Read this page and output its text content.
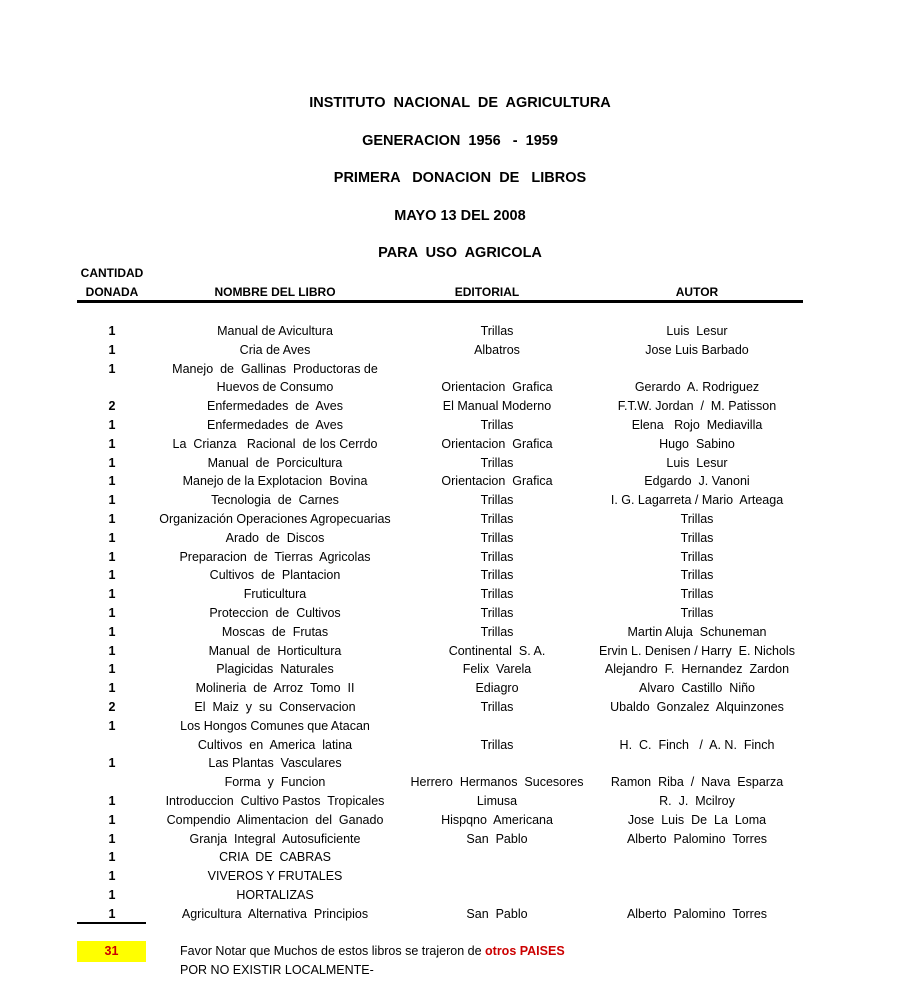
INSTITUTO  NACIONAL  DE  AGRICULTURA
GENERACION  1956   -  1959
PRIMERA   DONACION  DE   LIBROS
MAYO 13 DEL 2008
PARA  USO  AGRICOLA
CANTIDAD
DONADA	NOMBRE DEL LIBRO	EDITORIAL	AUTOR
1	Manual de Avicultura	Trillas	Luis  Lesur
1	Cria de Aves	Albatros	Jose Luis Barbado
1	Manejo  de  Gallinas  Productoras de
Huevos de Consumo	Orientacion  Grafica	Gerardo  A. Rodriguez
2	Enfermedades  de  Aves	El Manual Moderno	F.T.W. Jordan  /  M. Patisson
1	Enfermedades  de  Aves	Trillas	Elena   Rojo  Mediavilla
1	La  Crianza   Racional  de los Cerrdo	Orientacion  Grafica	Hugo  Sabino
1	Manual  de  Porcicultura	Trillas	Luis  Lesur
1	Manejo de la Explotacion  Bovina	Orientacion  Grafica	Edgardo  J. Vanoni
1	Tecnologia  de  Carnes	Trillas	I. G. Lagarreta / Mario  Arteaga
1	Organización Operaciones Agropecuarias	Trillas	Trillas
1	Arado  de  Discos	Trillas	Trillas
1	Preparacion  de  Tierras  Agricolas	Trillas	Trillas
1	Cultivos  de  Plantacion	Trillas	Trillas
1	Fruticultura	Trillas	Trillas
1	Proteccion  de  Cultivos	Trillas	Trillas
1	Moscas  de  Frutas	Trillas	Martin Aluja  Schuneman
1	Manual  de  Horticultura	Continental  S. A.	Ervin L. Denisen / Harry  E. Nichols
1	Plagicidas  Naturales	Felix  Varela	Alejandro  F.  Hernandez  Zardon
1	Molineria  de  Arroz  Tomo  II	Ediagro	Alvaro  Castillo  Niño
2	El  Maiz  y  su  Conservacion	Trillas	Ubaldo  Gonzalez  Alquinzones
1	Los Hongos Comunes que Atacan
Cultivos  en  America  latina	Trillas	H.  C.  Finch   /  A. N.  Finch
1	Las Plantas  Vasculares
Forma  y  Funcion	Herrero  Hermanos  Sucesores	Ramon  Riba  /  Nava  Esparza
1	Introduccion  Cultivo Pastos  Tropicales	Limusa	R.  J.  Mcilroy
1	Compendio  Alimentacion  del  Ganado	Hispqno  Americana	Jose  Luis  De  La  Loma
1	Granja  Integral  Autosuficiente	San  Pablo	Alberto  Palomino  Torres
1	CRIA  DE  CABRAS
1	VIVEROS Y FRUTALES
1	HORTALIZAS
1	Agricultura  Alternativa  Principios	San  Pablo	Alberto  Palomino  Torres
31	Favor Notar que Muchos de estos libros se trajeron de otros PAISES
POR NO EXISTIR LOCALMENTE-
